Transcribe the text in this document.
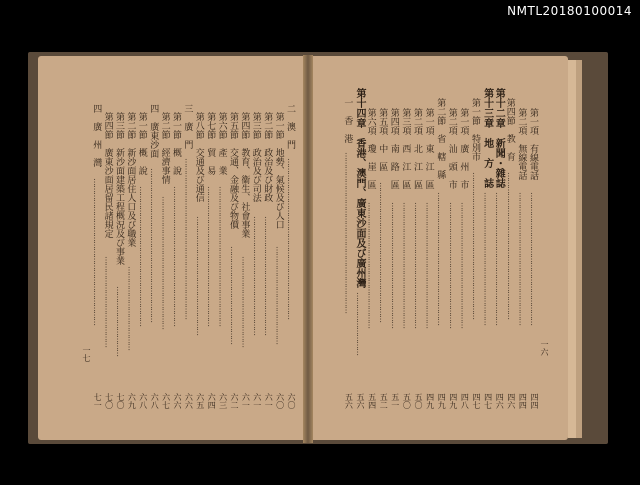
NMTL20180100014
一六
一七
第一項　有線電話
…………………………………………………
四四
第二項　無線電話
…………………………………………………
四四
第四節　教　育
………………………………………………………
四六
第十二章　新聞・雜誌
…………………………………………………
四六
第十三章　地　方　誌
…………………………………………………
四七
第一節　特別市
………………………………………………………
四七
第一項　廣　州　市
………………………………………………
四八
第二項　汕　頭　市
………………………………………………
四九
第二節　省　轄　縣
…………………………………………………
四九
第一項　東　江　區
………………………………………………
四九
第二項　北　江　區
………………………………………………
五〇
第三項　西　江　區
………………………………………………
五〇
第四項　南　路　區
………………………………………………
五一
第五項　中　區
……………………………………………………
五二
第六項　瓊　崖　區
………………………………………………
五四
第十四章　香港、澳門、廣東沙面及び廣州灣
………………………
五六
一　香　港
……………………………………………………………
五六
二　澳　門
……………………………………………………………
六〇
第一節　地勢、氣候及び人口
……………………………………
六〇
第二節　政治及び財政
……………………………………………
六一
第三節　政治及び司法
……………………………………………
六一
第四節　教育、衞生、社會事業
…………………………………
六一
第五節　交通、金融及び物價
……………………………………
六二
第六節　產　業
……………………………………………………
六三
第七節　貿　易
……………………………………………………
六四
第八節　交通及び通信
……………………………………………
六五
三　廣　門
……………………………………………………………
六六
第一節　概　說
……………………………………………………
六六
第二節　經濟事情
…………………………………………………
六七
四　廣東沙面
…………………………………………………………
六八
第一節　概　說
……………………………………………………
六八
第二節　新沙面居住人口及び職業
………………………………
六九
第三節　新沙面建築工程概況及び事業
…………………………
七〇
第四節　廣東沙面居留民諸規定
…………………………………
七〇
四　廣　州　灣
………………………………………………………
七一
